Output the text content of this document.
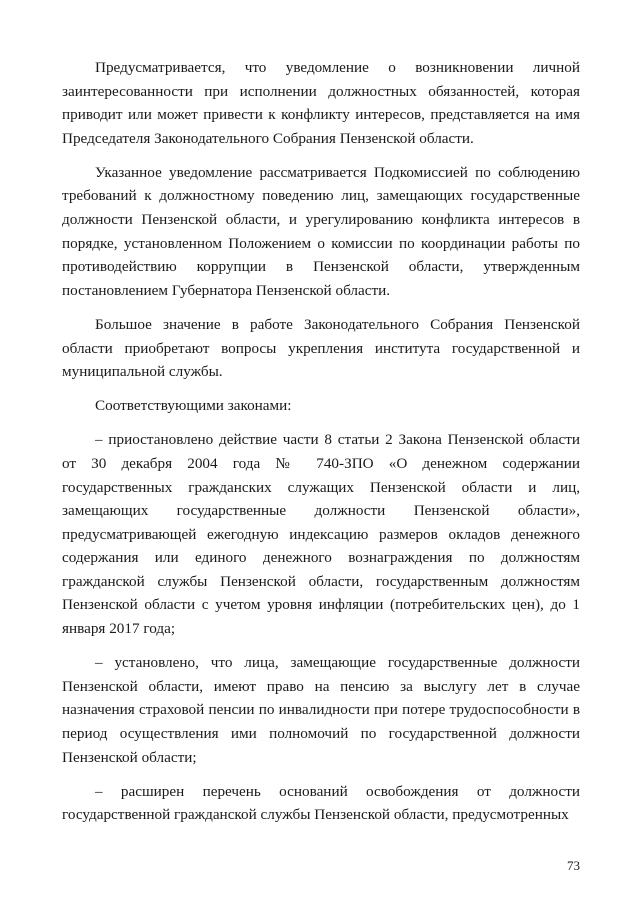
Предусматривается, что уведомление о возникновении личной заинтересованности при исполнении должностных обязанностей, которая приводит или может привести к конфликту интересов, представляется на имя Председателя Законодательного Собрания Пензенской области.

Указанное уведомление рассматривается Подкомиссией по соблюдению требований к должностному поведению лиц, замещающих государственные должности Пензенской области, и урегулированию конфликта интересов в порядке, установленном Положением о комиссии по координации работы по противодействию коррупции в Пензенской области, утвержденным постановлением Губернатора Пензенской области.

Большое значение в работе Законодательного Собрания Пензенской области приобретают вопросы укрепления института государственной и муниципальной службы.

Соответствующими законами:

– приостановлено действие части 8 статьи 2 Закона Пензенской области от 30 декабря 2004 года № 740-ЗПО «О денежном содержании государственных гражданских служащих Пензенской области и лиц, замещающих государственные должности Пензенской области», предусматривающей ежегодную индексацию размеров окладов денежного содержания или единого денежного вознаграждения по должностям гражданской службы Пензенской области, государственным должностям Пензенской области с учетом уровня инфляции (потребительских цен), до 1 января 2017 года;

– установлено, что лица, замещающие государственные должности Пензенской области, имеют право на пенсию за выслугу лет в случае назначения страховой пенсии по инвалидности при потере трудоспособности в период осуществления ими полномочий по государственной должности Пензенской области;

– расширен перечень оснований освобождения от должности государственной гражданской службы Пензенской области, предусмотренных

73
